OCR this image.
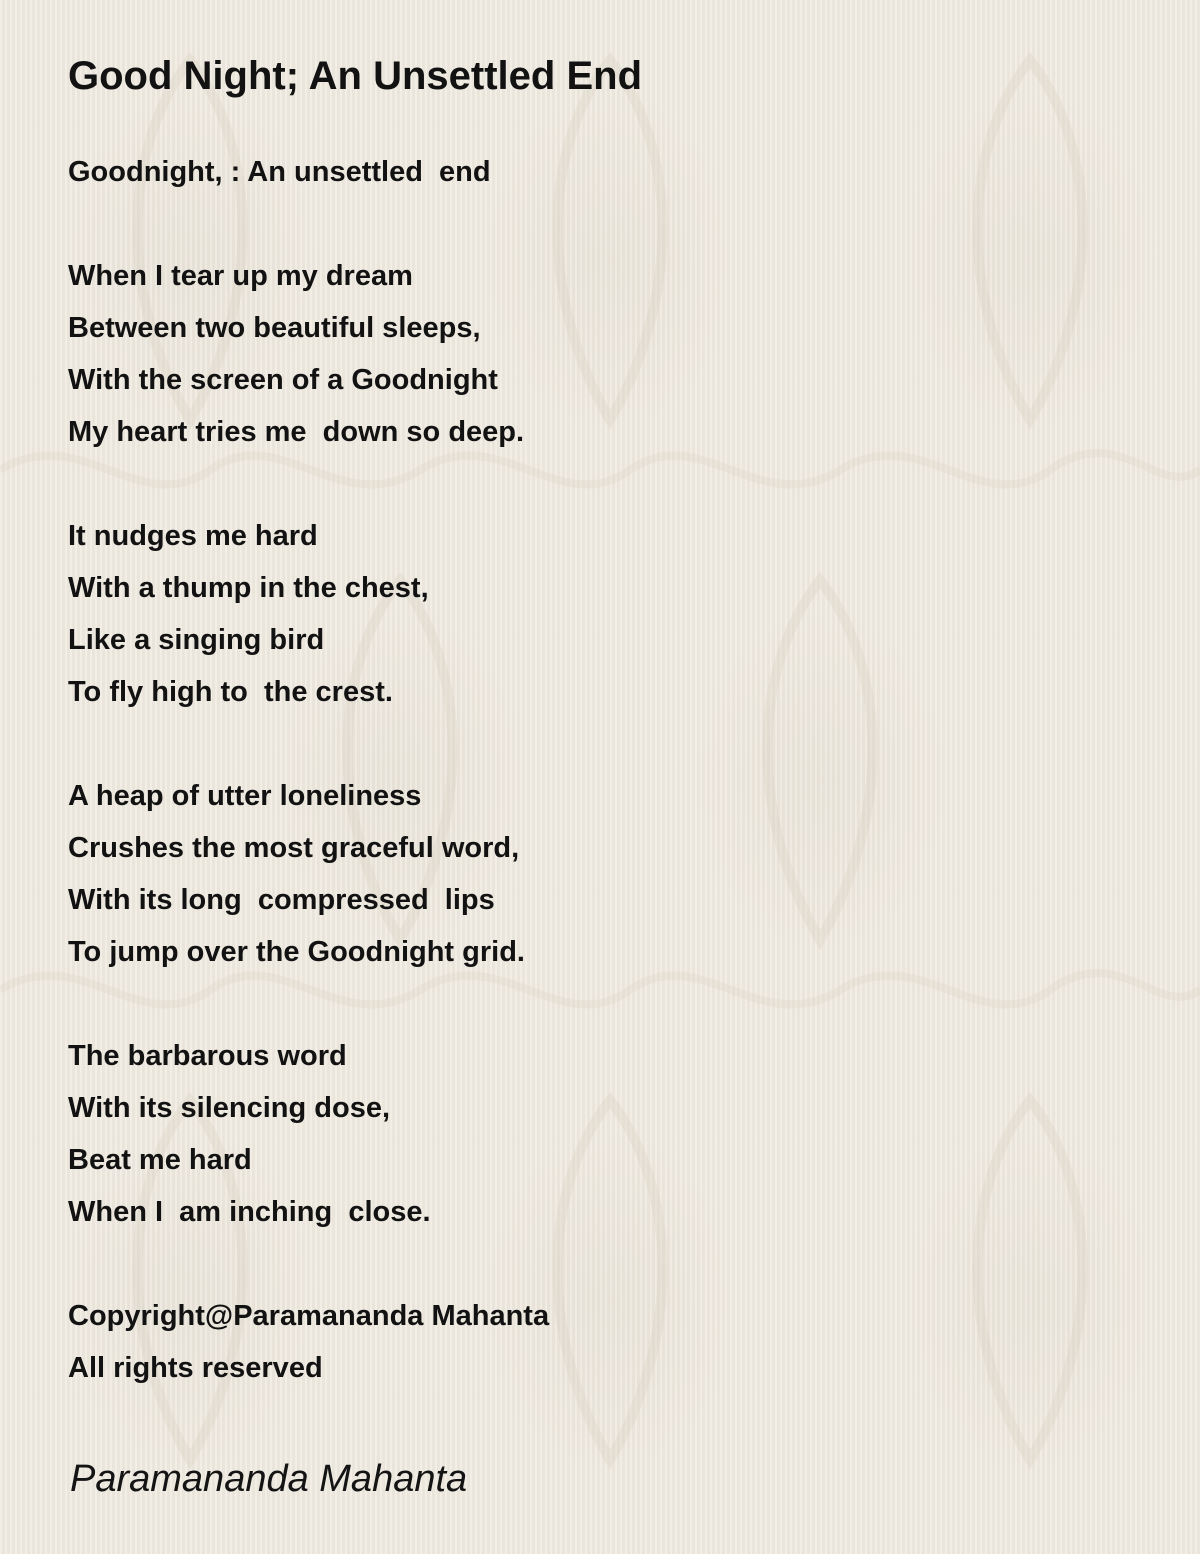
Good Night; An Unsettled End
Goodnight, : An unsettled  end
When I tear up my dream
Between two beautiful sleeps,
With the screen of a Goodnight
My heart tries me  down so deep.
It nudges me hard
With a thump in the chest,
Like a singing bird
To fly high to  the crest.
A heap of utter loneliness
Crushes the most graceful word,
With its long  compressed  lips
To jump over the Goodnight grid.
The barbarous word
With its silencing dose,
Beat me hard
When I  am inching  close.
Copyright@Paramananda Mahanta
All rights reserved
Paramananda Mahanta
